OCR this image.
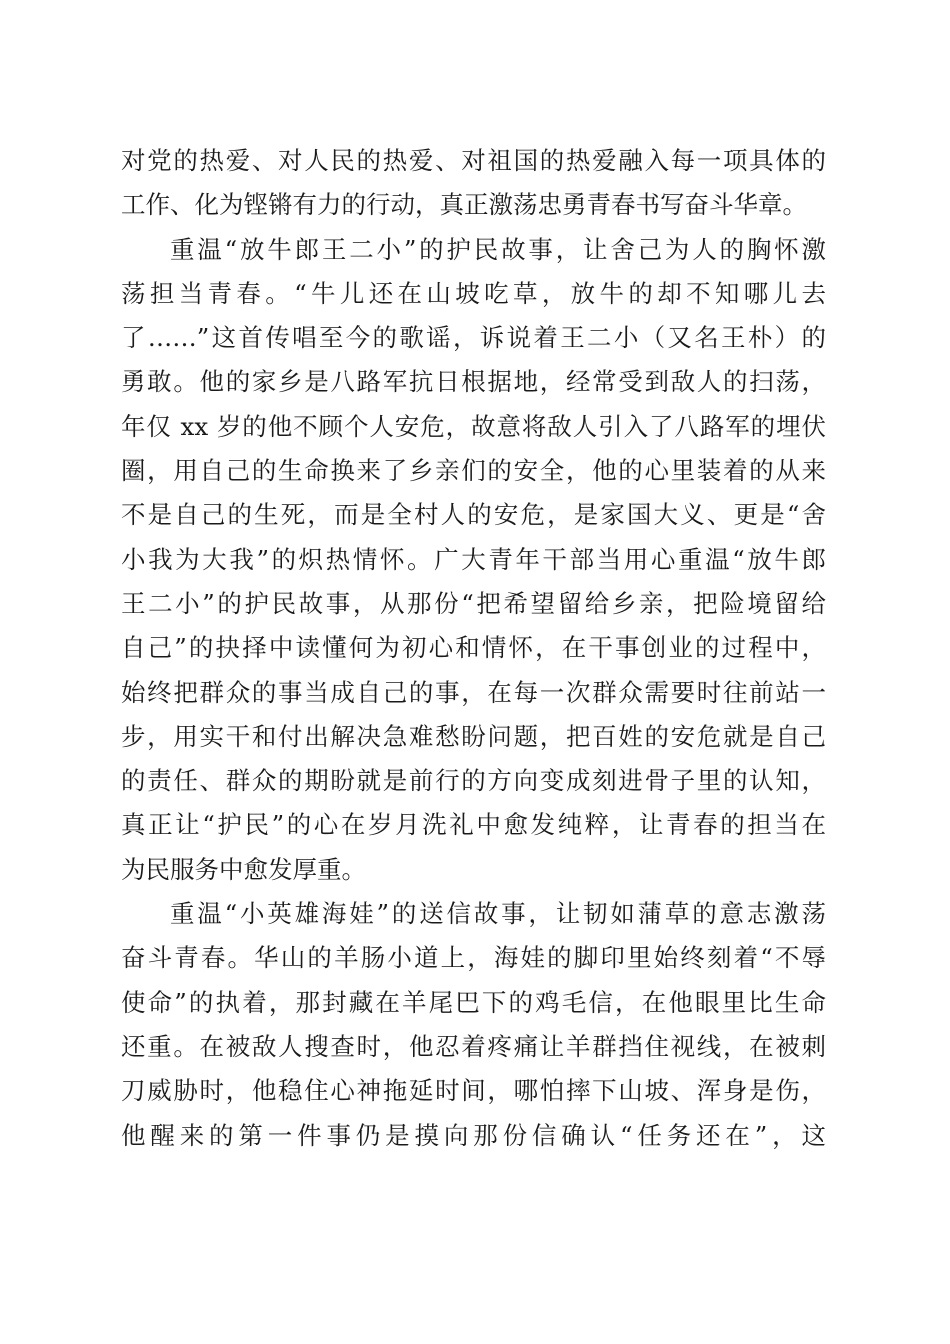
对党的热爱、对人民的热爱、对祖国的热爱融入每一项具体的
工作、化为铿锵有力的行动，真正激荡忠勇青春书写奋斗华章。
重温“放牛郎王二小”的护民故事，让舍己为人的胸怀激
荡担当青春。“牛儿还在山坡吃草，放牛的却不知哪儿去
了……”这首传唱至今的歌谣，诉说着王二小（又名王朴）的
勇敢。他的家乡是八路军抗日根据地，经常受到敌人的扫荡，
年仅 xx 岁的他不顾个人安危，故意将敌人引入了八路军的埋伏
圈，用自己的生命换来了乡亲们的安全，他的心里装着的从来
不是自己的生死，而是全村人的安危，是家国大义、更是“舍
小我为大我”的炽热情怀。广大青年干部当用心重温“放牛郎
王二小”的护民故事，从那份“把希望留给乡亲，把险境留给
自己”的抉择中读懂何为初心和情怀，在干事创业的过程中，
始终把群众的事当成自己的事，在每一次群众需要时往前站一
步，用实干和付出解决急难愁盼问题，把百姓的安危就是自己
的责任、群众的期盼就是前行的方向变成刻进骨子里的认知，
真正让“护民”的心在岁月洗礼中愈发纯粹，让青春的担当在
为民服务中愈发厚重。
重温“小英雄海娃”的送信故事，让韧如蒲草的意志激荡
奋斗青春。华山的羊肠小道上，海娃的脚印里始终刻着“不辱
使命”的执着，那封藏在羊尾巴下的鸡毛信，在他眼里比生命
还重。在被敌人搜查时，他忍着疼痛让羊群挡住视线，在被刺
刀威胁时，他稳住心神拖延时间，哪怕摔下山坡、浑身是伤，
他醒来的第一件事仍是摸向那份信确认“任务还在”，这
